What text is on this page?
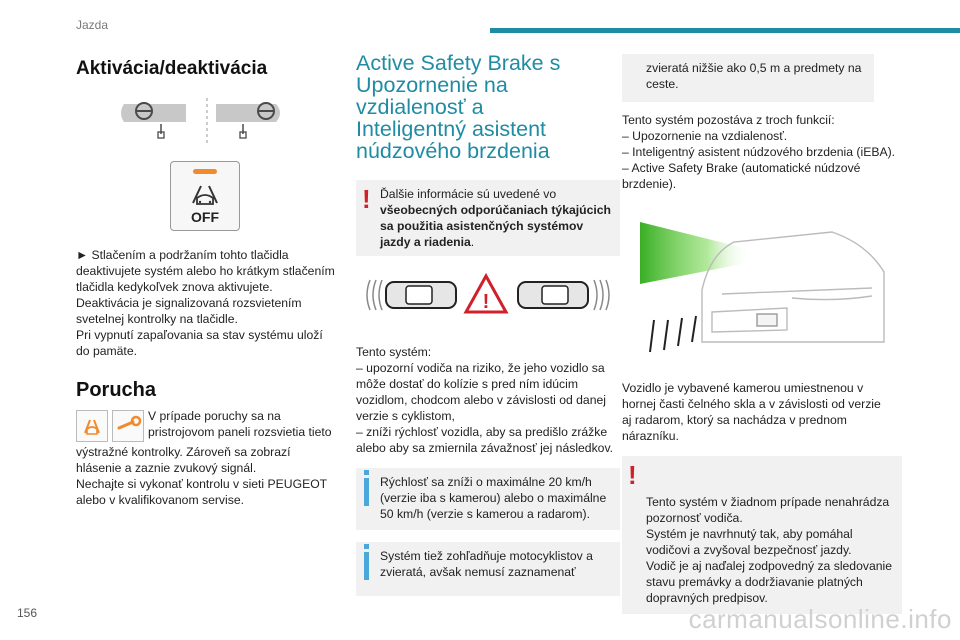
Jazda
Aktivácia/deaktivácia
OFF

► Stlačením a podržaním tohto tlačidla deaktivujete systém alebo ho krátkym stlačením tlačidla kedykoľvek znova aktivujete.
Deaktivácia je signalizovaná rozsvietením svetelnej kontrolky na tlačidle.
Pri vypnutí zapaľovania sa stav systému uloží do pamäte.

Porucha

V prípade poruchy sa na
pristrojovom paneli rozsvietia tieto

výstražné kontrolky. Zároveň sa zobrazí hlásenie a zaznie zvukový signál.
Nechajte si vykonať kontrolu v sieti PEUGEOT alebo v kvalifikovanom servise.

Active Safety Brake s Upozornenie na vzdialenosť a Inteligentný asistent núdzového brzdenia
! Ďalšie informácie sú uvedené vo všeobecných odporúčaniach týkajúcich sa použitia asistenčných systémov jazdy a riadenia.
!

Tento systém:
– upozorní vodiča na riziko, že jeho vozidlo sa môže dostať do kolízie s pred ním idúcim vozidlom, chodcom alebo v závislosti od danej verzie s cyklistom,
– zníži rýchlosť vozidla, aby sa predišlo zrážke alebo aby sa zmiernila závažnosť jej následkov.

Rýchlosť sa zníži o maximálne 20 km/h (verzie iba s kamerou) alebo o maximálne 50 km/h (verzie s kamerou a radarom).
Systém tiež zohľadňuje motocyklistov a zvieratá, avšak nemusí zaznamenať
zvieratá nižšie ako 0,5 m a predmety na ceste.

Tento systém pozostáva z troch funkcií:
– Upozornenie na vzdialenosť.
– Inteligentný asistent núdzového brzdenia (iEBA).
– Active Safety Brake (automatické núdzové brzdenie).

Vozidlo je vybavené kamerou umiestnenou v hornej časti čelného skla a v závislosti od verzie aj radarom, ktorý sa nachádza v prednom nárazníku.

!

Tento systém v žiadnom prípade nenahrádza pozornosť vodiča.
Systém je navrhnutý tak, aby pomáhal vodičovi a zvyšoval bezpečnosť jazdy.
Vodič je aj naďalej zodpovedný za sledovanie stavu premávky a dodržiavanie platných dopravných predpisov.

156	carmanualsonline.info
